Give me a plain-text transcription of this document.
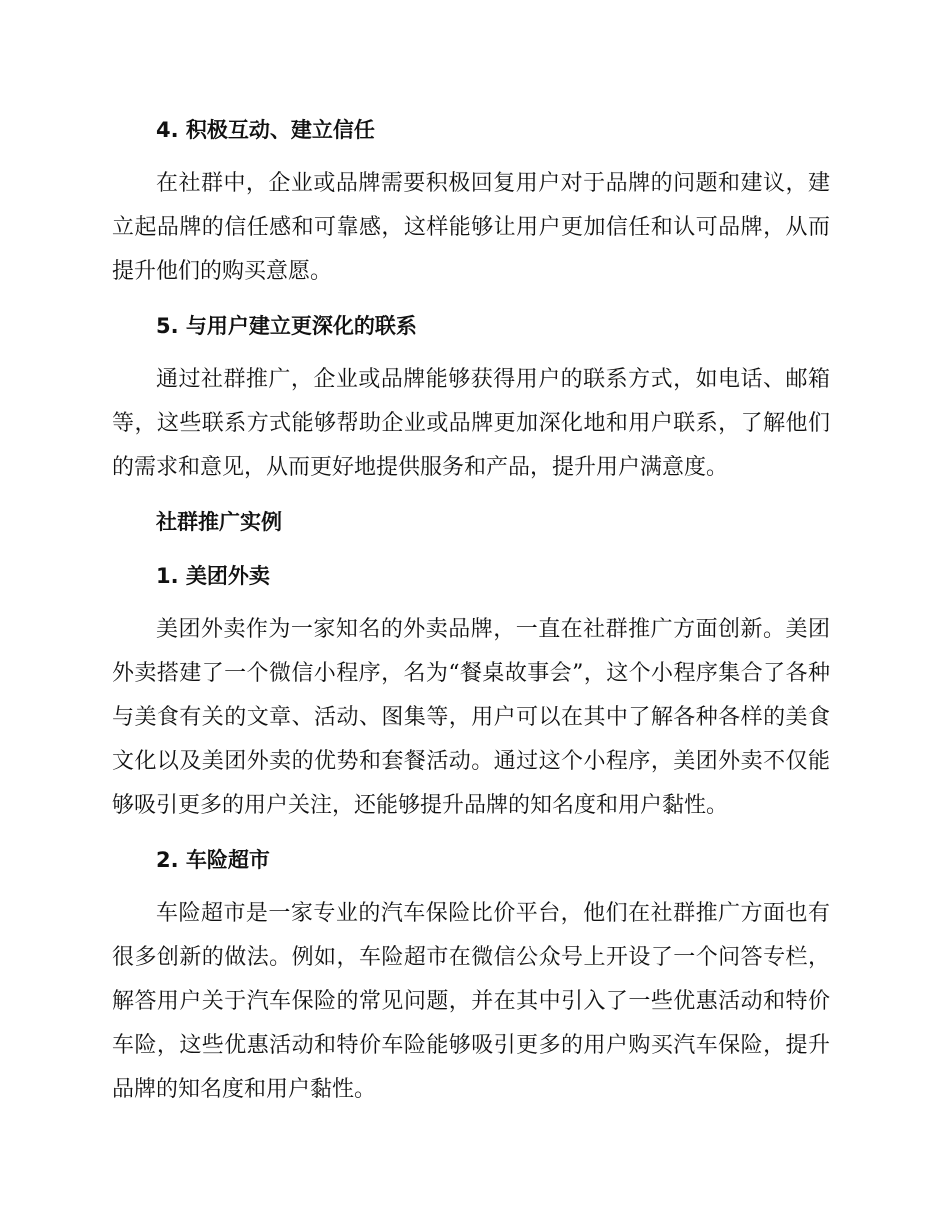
4. 积极互动、建立信任

在社群中，企业或品牌需要积极回复用户对于品牌的问题和建议，建立起品牌的信任感和可靠感，这样能够让用户更加信任和认可品牌，从而提升他们的购买意愿。

5. 与用户建立更深化的联系

通过社群推广，企业或品牌能够获得用户的联系方式，如电话、邮箱等，这些联系方式能够帮助企业或品牌更加深化地和用户联系，了解他们的需求和意见，从而更好地提供服务和产品，提升用户满意度。

社群推广实例
1. 美团外卖

美团外卖作为一家知名的外卖品牌，一直在社群推广方面创新。美团外卖搭建了一个微信小程序，名为“餐桌故事会”，这个小程序集合了各种与美食有关的文章、活动、图集等，用户可以在其中了解各种各样的美食文化以及美团外卖的优势和套餐活动。通过这个小程序，美团外卖不仅能够吸引更多的用户关注，还能够提升品牌的知名度和用户黏性。

2. 车险超市

车险超市是一家专业的汽车保险比价平台，他们在社群推广方面也有很多创新的做法。例如，车险超市在微信公众号上开设了一个问答专栏，解答用户关于汽车保险的常见问题，并在其中引入了一些优惠活动和特价车险，这些优惠活动和特价车险能够吸引更多的用户购买汽车保险，提升品牌的知名度和用户黏性。
